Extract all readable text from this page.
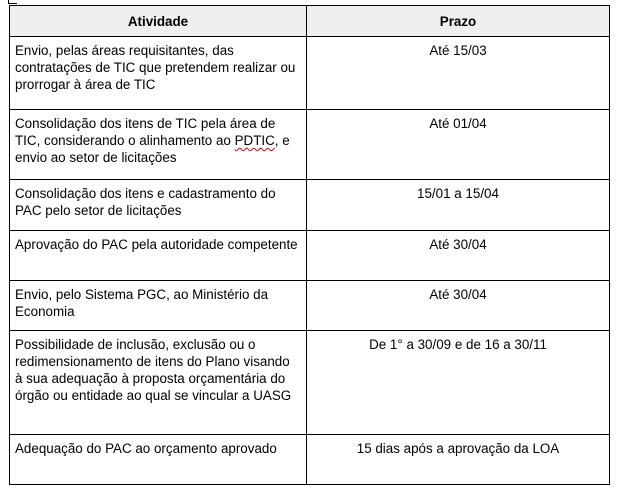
Atividade	Prazo
Envio, pelas áreas requisitantes, das contratações de TIC que pretendem realizar ou prorrogar à área de TIC	Até 15/03
Consolidação dos itens de TIC pela área de TIC, considerando o alinhamento ao PDTIC, e envio ao setor de licitações	Até 01/04
Consolidação dos itens e cadastramento do PAC pelo setor de licitações	15/01 a 15/04
Aprovação do PAC pela autoridade competente	Até 30/04
Envio, pelo Sistema PGC, ao Ministério da Economia	Até 30/04
Possibilidade de inclusão, exclusão ou o redimensionamento de itens do Plano visando à sua adequação à proposta orçamentária do órgão ou entidade ao qual se vincular a UASG	De 1° a 30/09 e de 16 a 30/11
Adequação do PAC ao orçamento aprovado	15 dias após a aprovação da LOA
